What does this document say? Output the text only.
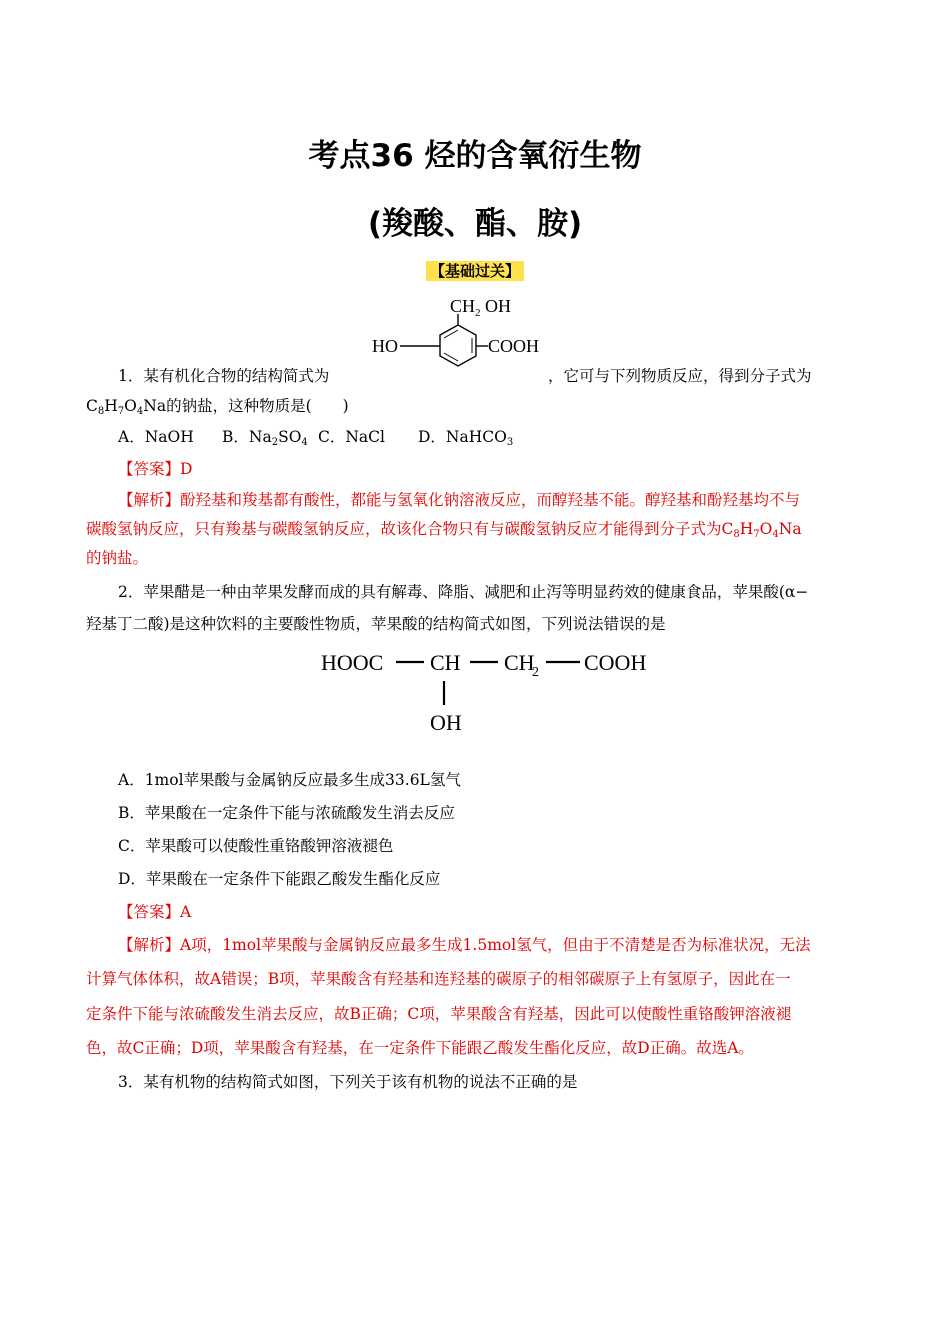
考点36 烃的含氧衍生物
(羧酸、酯、胺)
【基础过关】
CH 2 OH
HO	COOH
1．某有机化合物的结构简式为	，它可与下列物质反应，得到分子式为
$C_8H_7O_4Na$的钠盐，这种物质是(　　)
A．NaOH B．$Na_2SO_4$ C．NaCl D．NaHCO$_3$
【答案】D
【解析】酚羟基和羧基都有酸性，都能与氢氧化钠溶液反应，而醇羟基不能。醇羟基和酚羟基均不与
碳酸氢钠反应，只有羧基与碳酸氢钠反应，故该化合物只有与碳酸氢钠反应才能得到分子式为$C_8H_7O_4Na$
的钠盐。
2．苹果醋是一种由苹果发酵而成的具有解毒、降脂、减肥和止泻等明显药效的健康食品，苹果酸(α−
羟基丁二酸)是这种饮料的主要酸性物质，苹果酸的结构简式如图，下列说法错误的是
HOOC CH CH
2 COOH
OH
A．1mol苹果酸与金属钠反应最多生成33.6L氢气
B．苹果酸在一定条件下能与浓硫酸发生消去反应
C．苹果酸可以使酸性重铬酸钾溶液褪色
D．苹果酸在一定条件下能跟乙酸发生酯化反应
【答案】A
【解析】A项，1mol苹果酸与金属钠反应最多生成1.5mol氢气，但由于不清楚是否为标准状况，无法
计算气体体积，故A错误；B项，苹果酸含有羟基和连羟基的碳原子的相邻碳原子上有氢原子，因此在一
定条件下能与浓硫酸发生消去反应，故B正确；C项，苹果酸含有羟基，因此可以使酸性重铬酸钾溶液褪
色，故C正确；D项，苹果酸含有羟基，在一定条件下能跟乙酸发生酯化反应，故D正确。故选A。
3．某有机物的结构简式如图，下列关于该有机物的说法不正确的是
